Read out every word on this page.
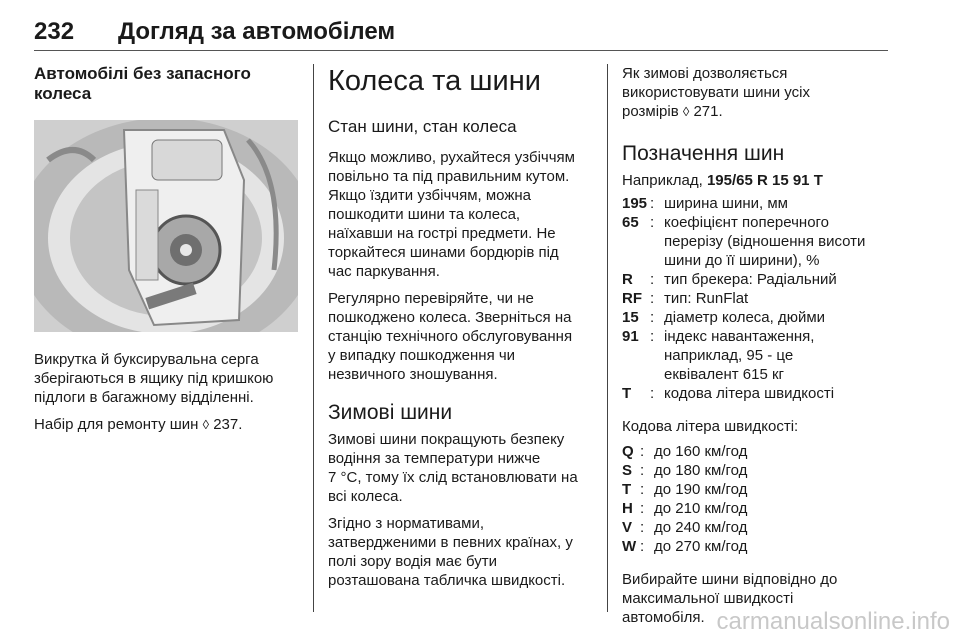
232 Догляд за автомобілем
Автомобілі без запасного
колеса

Викрутка й буксирувальна серга
зберігаються в ящику під кришкою
підлоги в багажному відділенні.

Набір для ремонту шин ◊ 237.

Колеса та шини
Стан шини, стан колеса

Якщо можливо, рухайтеся узбіччям
повільно та під правильним кутом.
Якщо їздити узбіччям, можна
пошкодити шини та колеса,
наїхавши на гострі предмети. Не
торкайтеся шинами бордюрів під
час паркування.

Регулярно перевіряйте, чи не
пошкоджено колеса. Зверніться на
станцію технічного обслуговування
у випадку пошкодження чи
незвичного зношування.

Зимові шини

Зимові шини покращують безпеку
водіння за температури нижче
7 °C, тому їх слід встановлювати на
всі колеса.

Згідно з нормативами,
затвердженими в певних країнах, у
полі зору водія має бути
розташована табличка швидкості.

Як зимові дозволяється
використовувати шини усіх
розмірів ◊ 271.

Позначення шин

Наприклад, 195/65 R 15 91 T

195 : ширина шини, мм
65 : коефіцієнт поперечного
перерізу (відношення висоти
шини до її ширини), %
R	: тип брекера: Радіальний
RF : тип: RunFlat
15 : діаметр колеса, дюйми
91 : індекс навантаження,
наприклад, 95 - це
еквівалент 615 кг
T	: кодова літера швидкості

Кодова літера швидкості:

Q : до 160 км/год
S : до 180 км/год
T : до 190 км/год
H : до 210 км/год
V : до 240 км/год
W : до 270 км/год

Вибирайте шини відповідно до
максимальної швидкості
автомобіля. carmanualsonline.info
